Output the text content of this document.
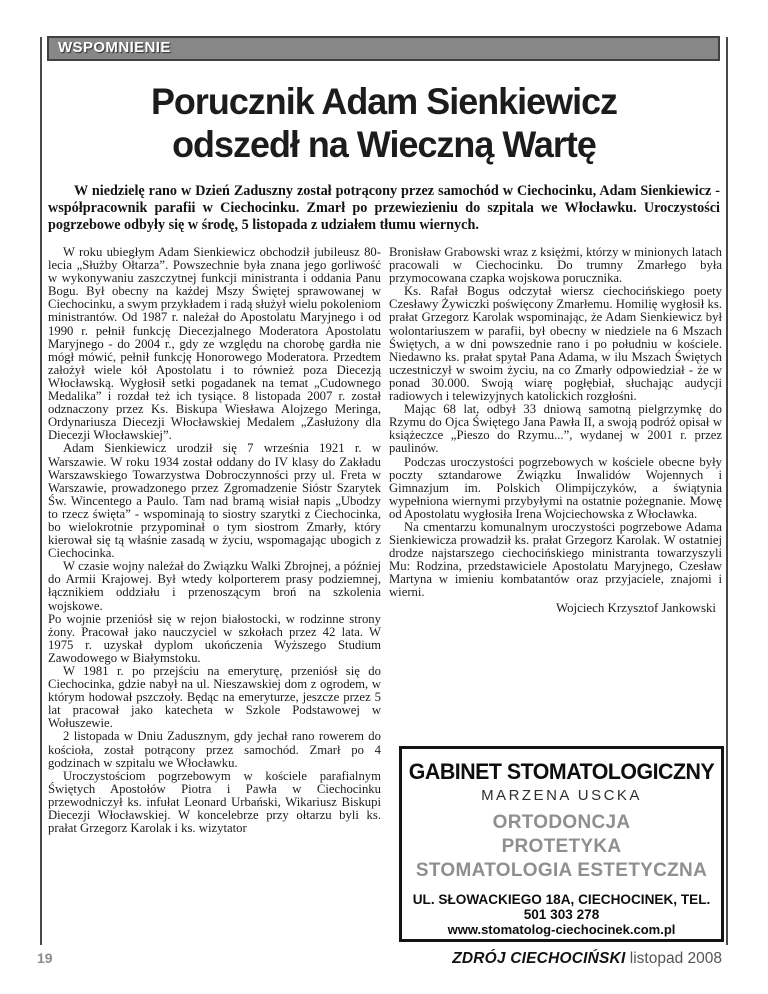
WSPOMNIENIE
Porucznik Adam Sienkiewicz
odszedł na Wieczną Wartę

W niedzielę rano w Dzień Zaduszny został potrącony przez samochód w Ciechocinku, Adam Sienkiewicz - współpracownik parafii w Ciechocinku. Zmarł po przewiezieniu do szpitala we Włocławku. Uroczystości pogrzebowe odbyły się w środę, 5 listopada z udziałem tłumu wiernych.

W roku ubiegłym Adam Sienkiewicz obchodził jubileusz 80-lecia „Służby Ołtarza”. Powszechnie była znana jego gorliwość w wykonywaniu zaszczytnej funkcji ministranta i oddania Panu Bogu. Był obecny na każdej Mszy Świętej sprawowanej w Ciechocinku, a swym przykładem i radą służył wielu pokoleniom ministrantów. Od 1987 r. należał do Apostolatu Maryjnego i od 1990 r. pełnił funkcję Diecezjalnego Moderatora Apostolatu Maryjnego - do 2004 r., gdy ze względu na chorobę gardła nie mógł mówić, pełnił funkcję Honorowego Moderatora. Przedtem założył wiele kół Apostolatu i to również poza Diecezją Włocławską. Wygłosił setki pogadanek na temat „Cudownego Medalika” i rozdał też ich tysiące. 8 listopada 2007 r. został odznaczony przez Ks. Biskupa Wiesława Alojzego Meringa, Ordynariusza Diecezji Włocławskiej Medalem „Zasłużony dla Diecezji Włocławskiej”.
Adam Sienkiewicz urodził się 7 września 1921 r. w Warszawie. W roku 1934 został oddany do IV klasy do Zakładu Warszawskiego Towarzystwa Dobroczynności przy ul. Freta w Warszawie, prowadzonego przez Zgromadzenie Sióstr Szarytek Św. Wincentego a Paulo. Tam nad bramą wisiał napis „Ubodzy to rzecz święta” - wspominają to siostry szarytki z Ciechocinka, bo wielokrotnie przypominał o tym siostrom Zmarły, który kierował się tą właśnie zasadą w życiu, wspomagając ubogich z Ciechocinka.
W czasie wojny należał do Związku Walki Zbrojnej, a później do Armii Krajowej. Był wtedy kolporterem prasy podziemnej, łącznikiem oddziału i przenoszącym broń na szkolenia wojskowe.
Po wojnie przeniósł się w rejon białostocki, w rodzinne strony żony. Pracował jako nauczyciel w szkołach przez 42 lata. W 1975 r. uzyskał dyplom ukończenia Wyższego Studium Zawodowego w Białymstoku.
W 1981 r. po przejściu na emeryturę, przeniósł się do Ciechocinka, gdzie nabył na ul. Nieszawskiej dom z ogrodem, w którym hodował pszczoły. Będąc na emeryturze, jeszcze przez 5 lat pracował jako katecheta w Szkole Podstawowej w Wołuszewie.
2 listopada w Dniu Zadusznym, gdy jechał rano rowerem do kościoła, został potrącony przez samochód. Zmarł po 4 godzinach w szpitalu we Włocławku.
Uroczystościom pogrzebowym w kościele parafialnym Świętych Apostołów Piotra i Pawła w Ciechocinku przewodniczył ks. infułat Leonard Urbański, Wikariusz Biskupi Diecezji Włocławskiej. W koncelebrze przy ołtarzu byli ks. prałat Grzegorz Karolak i ks. wizytator
Bronisław Grabowski wraz z księżmi, którzy w minionych latach pracowali w Ciechocinku. Do trumny Zmarłego była przymocowana czapka wojskowa porucznika.
Ks. Rafał Bogus odczytał wiersz ciechocińskiego poety Czesławy Żywiczki poświęcony Zmarłemu. Homilię wygłosił ks. prałat Grzegorz Karolak wspominając, że Adam Sienkiewicz był wolontariuszem w parafii, był obecny w niedziele na 6 Mszach Świętych, a w dni powszednie rano i po południu w kościele. Niedawno ks. prałat spytał Pana Adama, w ilu Mszach Świętych uczestniczył w swoim życiu, na co Zmarły odpowiedział - że w ponad 30.000. Swoją wiarę pogłębiał, słuchając audycji radiowych i telewizyjnych katolickich rozgłośni.
Mając 68 lat, odbył 33 dniową samotną pielgrzymkę do Rzymu do Ojca Świętego Jana Pawła II, a swoją podróż opisał w książeczce „Pieszo do Rzymu...”, wydanej w 2001 r. przez paulinów.
Podczas uroczystości pogrzebowych w kościele obecne były poczty sztandarowe Związku Inwalidów Wojennych i Gimnazjum im. Polskich Olimpijczyków, a świątynia wypełniona wiernymi przybyłymi na ostatnie pożegnanie. Mowę od Apostolatu wygłosiła Irena Wojciechowska z Włocławka.
Na cmentarzu komunalnym uroczystości pogrzebowe Adama Sienkiewicza prowadził ks. prałat Grzegorz Karolak. W ostatniej drodze najstarszego ciechocińskiego ministranta towarzyszyli Mu: Rodzina, przedstawiciele Apostolatu Maryjnego, Czesław Martyna w imieniu kombatantów oraz przyjaciele, znajomi i wierni.
Wojciech Krzysztof Jankowski
GABINET STOMATOLOGICZNY
MARZENA USCKA
ORTODONCJA
PROTETYKA
STOMATOLOGIA ESTETYCZNA
UL. SŁOWACKIEGO 18A, CIECHOCINEK, TEL. 501 303 278
www.stomatolog-ciechocinek.com.pl
19	ZDRÓJ CIECHOCIŃSKI listopad 2008
